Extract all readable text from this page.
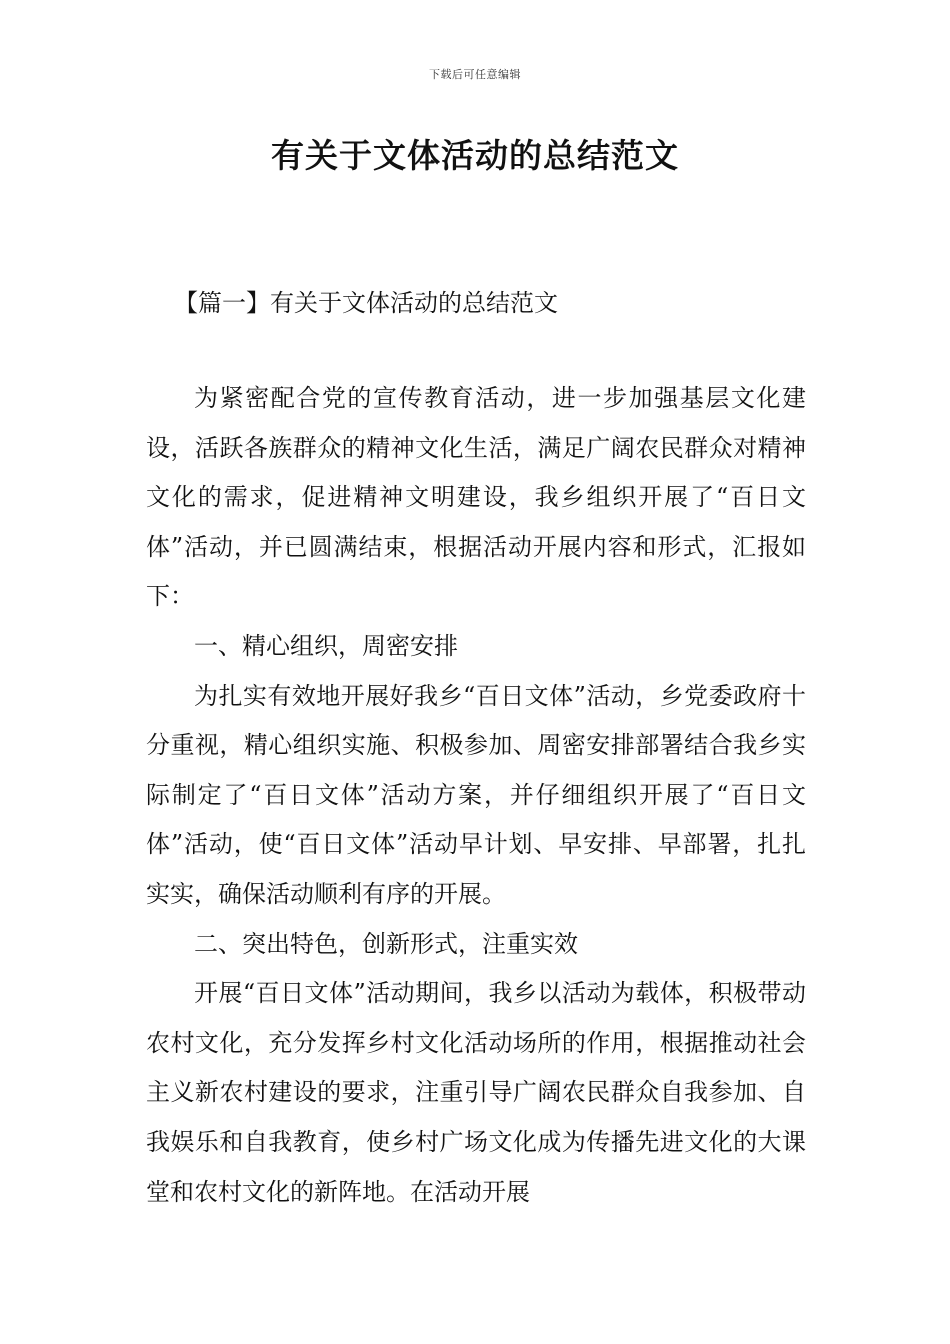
下载后可任意编辑
有关于文体活动的总结范文
【篇一】有关于文体活动的总结范文

为紧密配合党的宣传教育活动，进一步加强基层文化建设，活跃各族群众的精神文化生活，满足广阔农民群众对精神文化的需求，促进精神文明建设，我乡组织开展了“百日文体”活动，并已圆满结束，根据活动开展内容和形式，汇报如下：

一、精心组织，周密安排

为扎实有效地开展好我乡“百日文体”活动，乡党委政府十分重视，精心组织实施、积极参加、周密安排部署结合我乡实际制定了“百日文体”活动方案，并仔细组织开展了“百日文体”活动，使“百日文体”活动早计划、早安排、早部署，扎扎实实，确保活动顺利有序的开展。

二、突出特色，创新形式，注重实效

开展“百日文体”活动期间，我乡以活动为载体，积极带动农村文化，充分发挥乡村文化活动场所的作用，根据推动社会主义新农村建设的要求，注重引导广阔农民群众自我参加、自我娱乐和自我教育，使乡村广场文化成为传播先进文化的大课堂和农村文化的新阵地。在活动开展
